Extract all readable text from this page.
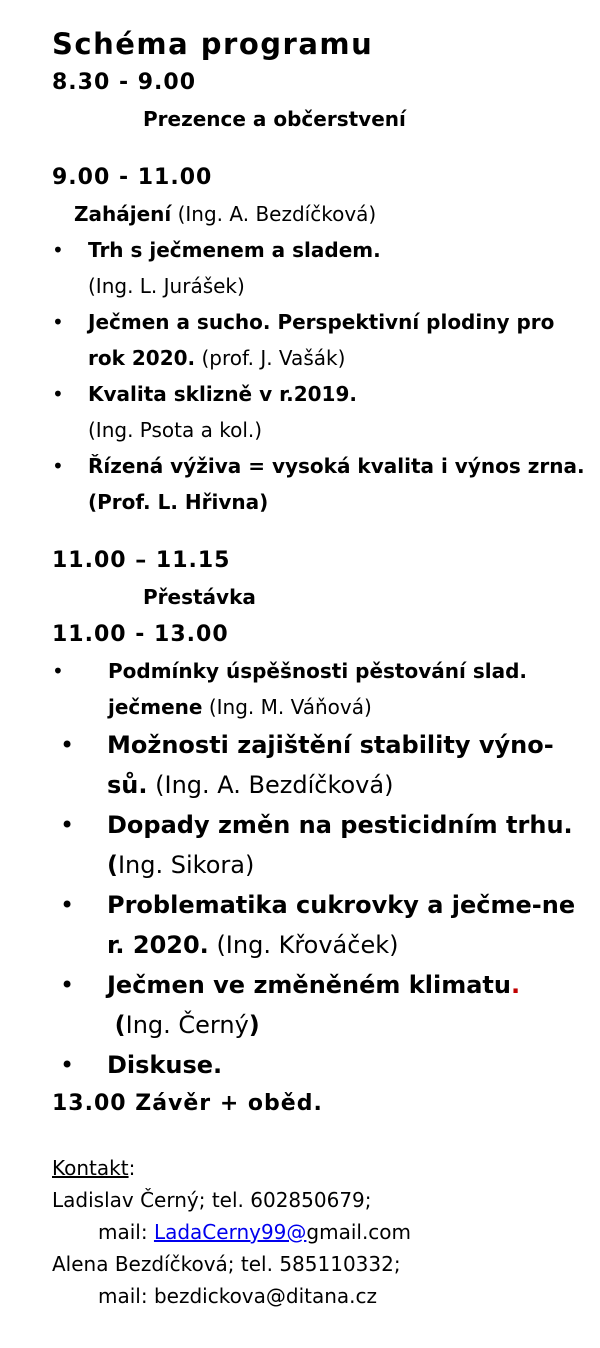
Schéma programu
8.30 - 9.00
Prezence a občerstvení
9.00 - 11.00
Zahájení (Ing. A. Bezdíčková)
• Trh s ječmenem a sladem.
(Ing. L. Jurášek)
• Ječmen a sucho. Perspektivní plodiny pro rok 2020. (prof. J. Vašák)
• Kvalita sklizně v r.2019.
(Ing. Psota a kol.)
• Řízená výživa = vysoká kvalita i výnos zrna. (Prof. L. Hřivna)
11.00 – 11.15
Přestávka
11.00 - 13.00
• Podmínky úspěšnosti pěstování slad. ječmene (Ing. M. Váňová)
• Možnosti zajištění stability výno-sů. (Ing. A. Bezdíčková)
• Dopady změn na pesticidním trhu.
(Ing. Sikora)
• Problematika cukrovky a ječme-ne r. 2020. (Ing. Křováček)
• Ječmen ve změněném klimatu.
(Ing. Černý)
• Diskuse.
13.00 Závěr + oběd.
Kontakt:
Ladislav Černý; tel. 602850679;
mail: LadaCerny99@gmail.com
Alena Bezdíčková; tel. 585110332;
mail: bezdickova@ditana.cz
